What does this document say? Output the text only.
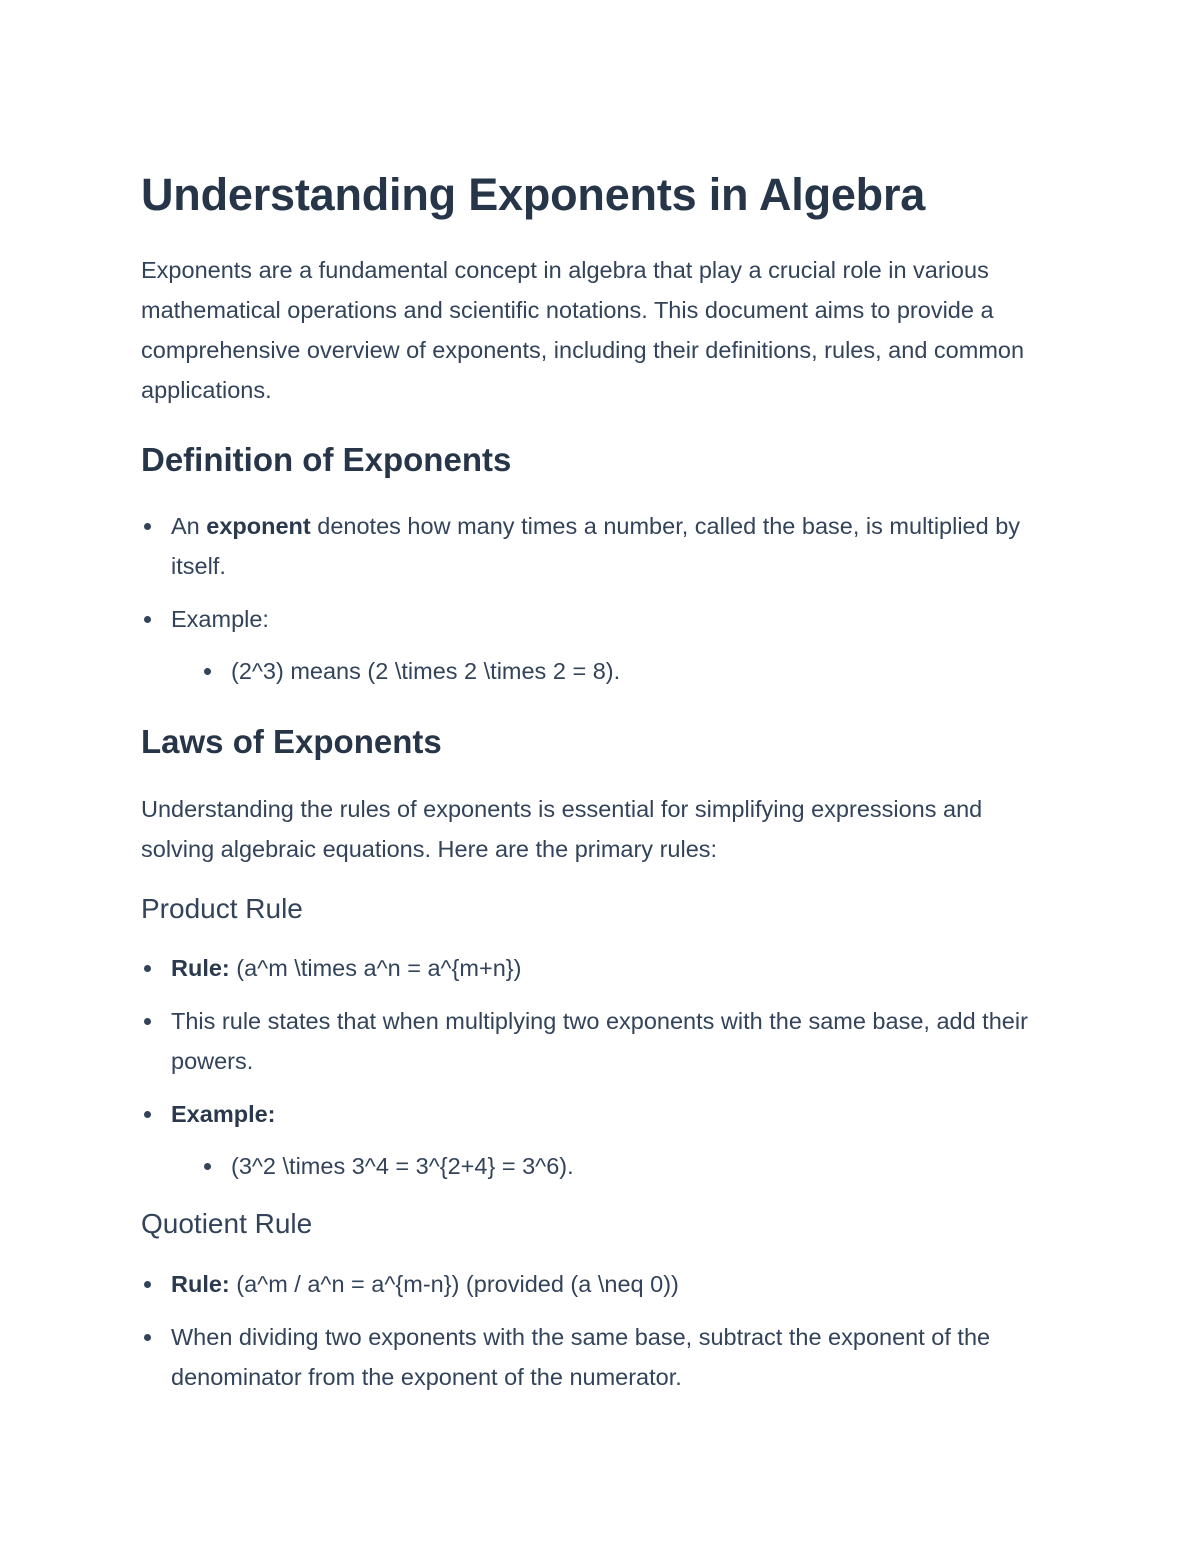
Understanding Exponents in Algebra

Exponents are a fundamental concept in algebra that play a crucial role in various mathematical operations and scientific notations. This document aims to provide a comprehensive overview of exponents, including their definitions, rules, and common applications.

Definition of Exponents
An exponent denotes how many times a number, called the base, is multiplied by itself.
Example:
(2^3) means (2 \times 2 \times 2 = 8).
Laws of Exponents

Understanding the rules of exponents is essential for simplifying expressions and solving algebraic equations. Here are the primary rules:

Product Rule
Rule: (a^m \times a^n = a^{m+n})
This rule states that when multiplying two exponents with the same base, add their powers.
Example:
(3^2 \times 3^4 = 3^{2+4} = 3^6).
Quotient Rule
Rule: (a^m / a^n = a^{m-n}) (provided (a \neq 0))
When dividing two exponents with the same base, subtract the exponent of the denominator from the exponent of the numerator.
